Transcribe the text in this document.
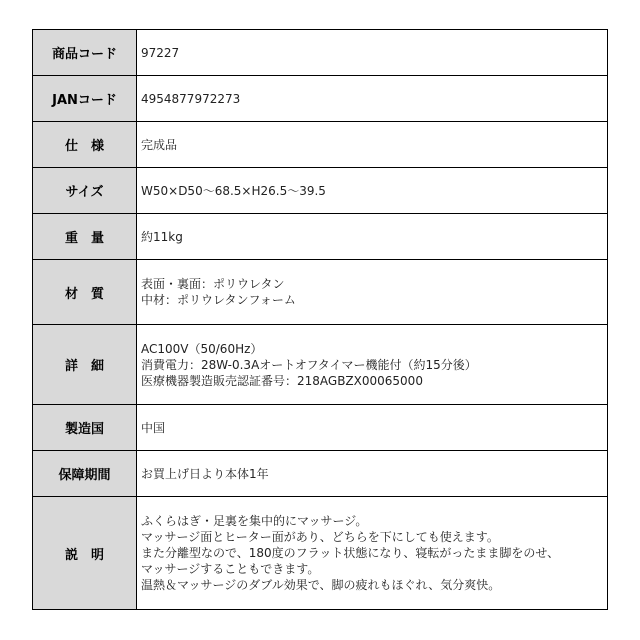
商品コード	97227

JANコード	4954877972273

仕　様	完成品

サイズ	W50×D50～68.5×H26.5～39.5

重　量	約11kg

材　質	表面・裏面：ポリウレタン
中材：ポリウレタンフォーム

詳　細	AC100V（50/60Hz）
消費電力：28W-0.3Aオートオフタイマー機能付（約15分後）
医療機器製造販売認証番号：218AGBZX00065000

製造国	中国

保障期間	お買上げ日より本体1年

説　明	ふくらはぎ・足裏を集中的にマッサージ。
マッサージ面とヒーター面があり、どちらを下にしても使えます。
また分離型なので、180度のフラット状態になり、寝転がったまま脚をのせ、
マッサージすることもできます。
温熱＆マッサージのダブル効果で、脚の疲れもほぐれ、気分爽快。
